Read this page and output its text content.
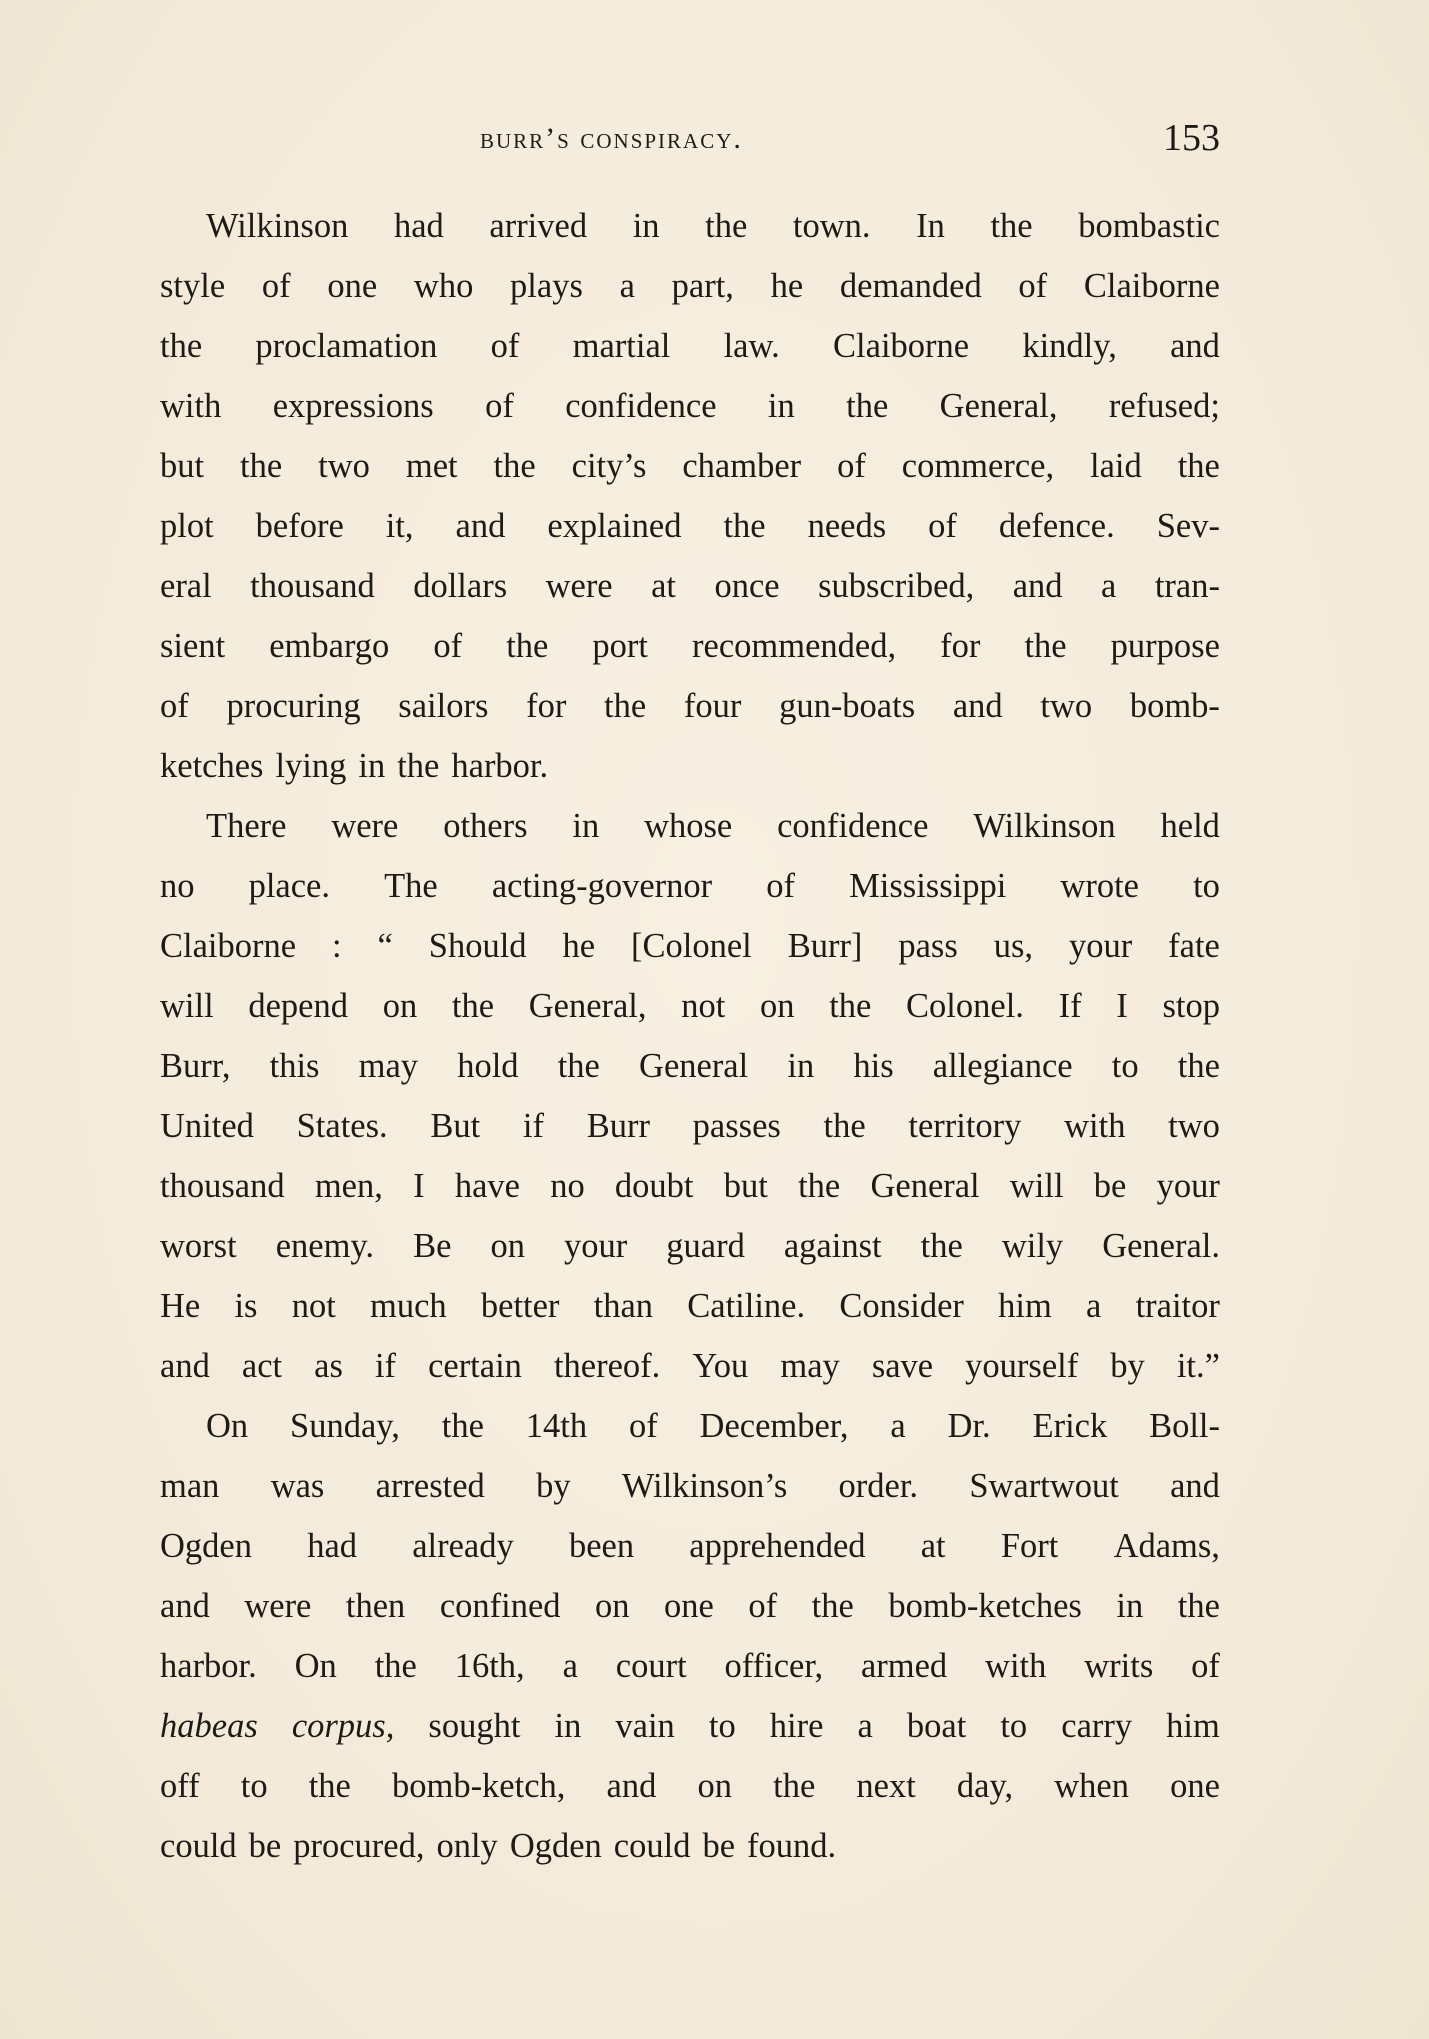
burr’s conspiracy.	153
Wilkinson had arrived in the town. In the bombastic
style of one who plays a part, he demanded of Claiborne
the proclamation of martial law. Claiborne kindly, and
with expressions of confidence in the General, refused;
but the two met the city’s chamber of commerce, laid the
plot before it, and explained the needs of defence. Sev-
eral thousand dollars were at once subscribed, and a tran-
sient embargo of the port recommended, for the purpose
of procuring sailors for the four gun-boats and two bomb-
ketches lying in the harbor.
There were others in whose confidence Wilkinson held
no place. The acting-governor of Mississippi wrote to
Claiborne : “ Should he [Colonel Burr] pass us, your fate
will depend on the General, not on the Colonel. If I stop
Burr, this may hold the General in his allegiance to the
United States. But if Burr passes the territory with two
thousand men, I have no doubt but the General will be your
worst enemy. Be on your guard against the wily General.
He is not much better than Catiline. Consider him a traitor
and act as if certain thereof. You may save yourself by it.”
On Sunday, the 14th of December, a Dr. Erick Boll-
man was arrested by Wilkinson’s order. Swartwout and
Ogden had already been apprehended at Fort Adams,
and were then confined on one of the bomb-ketches in the
harbor. On the 16th, a court officer, armed with writs of
habeas corpus, sought in vain to hire a boat to carry him
off to the bomb-ketch, and on the next day, when one
could be procured, only Ogden could be found.
